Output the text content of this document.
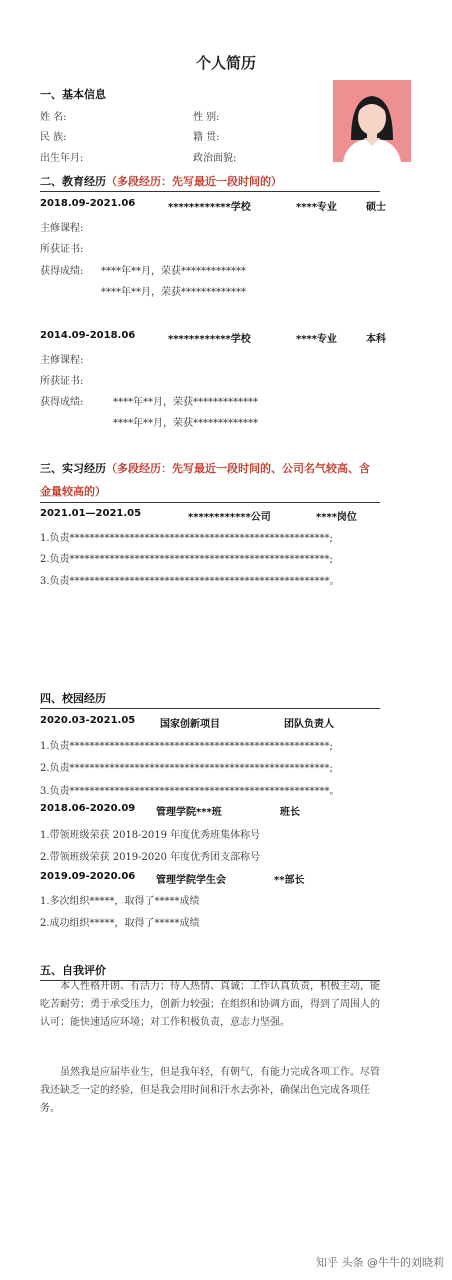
个人简历
一、基本信息
姓 名:	性 别:
民 族:	籍 贯:
出生年月:	政治面貌:
二、教育经历（多段经历：先写最近一段时间的）
2018.09-2021.06	************学校	****专业	硕士
主修课程:
所获证书:
获得成绩: ****年**月，荣获*************
****年**月，荣获*************
2014.09-2018.06	************学校	****专业	本科
主修课程:
所获证书:
获得成绩:	****年**月，荣获*************
****年**月，荣获*************
三、实习经历（多段经历：先写最近一段时间的、公司名气较高、含
金量较高的）
2021.01—2021.05	************公司	****岗位
1.负责****************************************************;
2.负责****************************************************;
3.负责****************************************************。
四、校园经历
2020.03-2021.05 国家创新项目	团队负责人
1.负责****************************************************;
2.负责****************************************************;
3.负责****************************************************。
2018.06-2020.09 管理学院***班	班长
1.带领班级荣获 2018-2019 年度优秀班集体称号
2.带领班级荣获 2019-2020 年度优秀团支部称号
2019.09-2020.06 管理学院学生会	**部长
1.多次组织*****，取得了*****成绩
2.成功组织*****，取得了*****成绩
五、自我评价
本人性格开朗、有活力；待人热情、真诚；工作认真负责，积极主动，能吃苦耐劳；勇于承受压力，创新力较强；在组织和协调方面，得到了周围人的认可；能快速适应环境；对工作积极负责，意志力坚强。
虽然我是应届毕业生，但是我年轻，有朝气，有能力完成各项工作。尽管我还缺乏一定的经验，但是我会用时间和汗水去弥补，确保出色完成各项任务。
知乎 头条 @牛牛的刘晓莉
